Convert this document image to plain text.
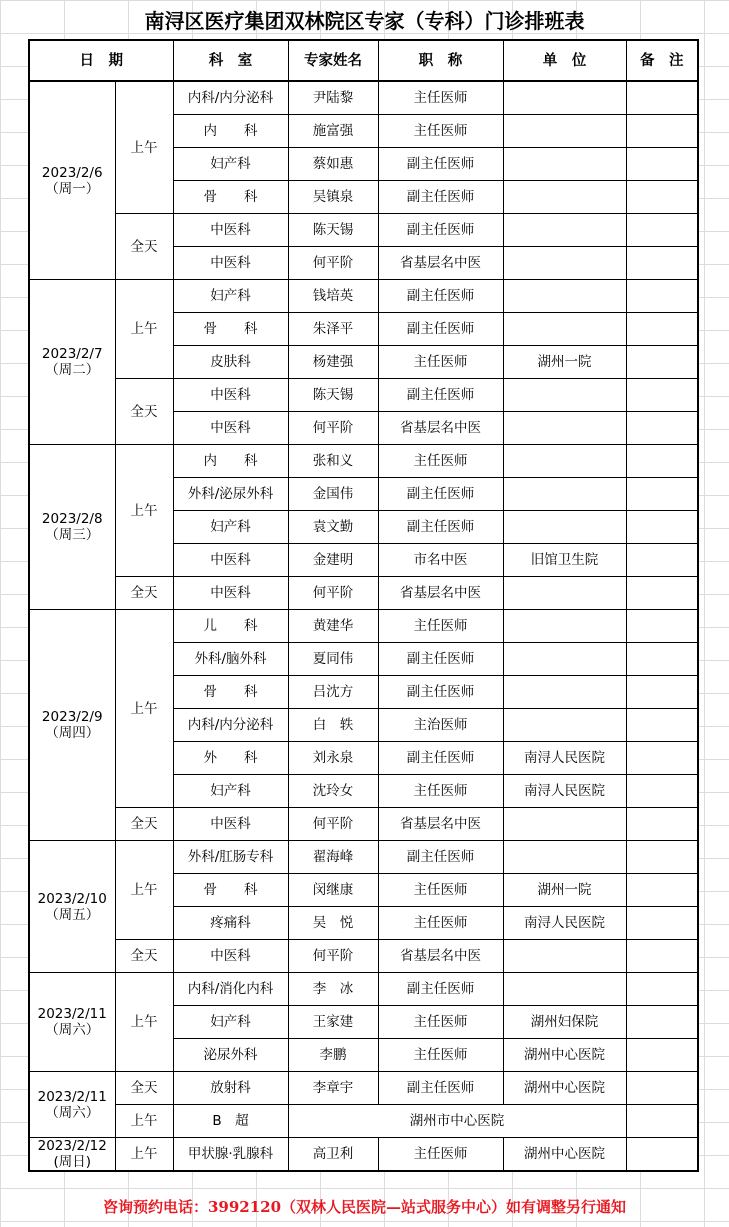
南浔区医疗集团双林院区专家（专科）门诊排班表
日　期		科　室	专家姓名	职　称	单　位	备　注

2023/2/6
（周一）	上午	内科/内分泌科	尹陆黎	主任医师		
		内　　科	施富强	主任医师		
		妇产科	蔡如惠	副主任医师		
		骨　　科	吴镇泉	副主任医师		
	全天	中医科	陈天锡	副主任医师		
		中医科	何平阶	省基层名中医		

2023/2/7
（周二）	上午	妇产科	钱培英	副主任医师		
		骨　　科	朱泽平	副主任医师		
		皮肤科	杨建强	主任医师	湖州一院	
	全天	中医科	陈天锡	副主任医师		
		中医科	何平阶	省基层名中医		

2023/2/8
（周三）	上午	内　　科	张和义	主任医师		
		外科/泌尿外科	金国伟	副主任医师		
		妇产科	袁文勤	副主任医师		
		中医科	金建明	市名中医	旧馆卫生院	
	全天	中医科	何平阶	省基层名中医		

2023/2/9
（周四）	上午	儿　　科	黄建华	主任医师		
		外科/脑外科	夏同伟	副主任医师		
		骨　　科	吕沈方	副主任医师		
		内科/内分泌科	白　轶	主治医师		
		外　　科	刘永泉	副主任医师	南浔人民医院	
		妇产科	沈玲女	主任医师	南浔人民医院	
	全天	中医科	何平阶	省基层名中医		

2023/2/10
（周五）	上午	外科/肛肠专科	翟海峰	副主任医师		
		骨　　科	闵继康	主任医师	湖州一院	
		疼痛科	吴　悦	主任医师	南浔人民医院	
	全天	中医科	何平阶	省基层名中医		

2023/2/11
（周六）	上午	内科/消化内科	李　冰	副主任医师		
		妇产科	王家建	主任医师	湖州妇保院	
		泌尿外科	李鹏	主任医师	湖州中心医院	

2023/2/11
（周六）	全天	放射科	李章宇	副主任医师	湖州中心医院	
	上午	B　超	湖州市中心医院			

2023/2/12
(周日)	上午	甲状腺·乳腺科	高卫利	主任医师	湖州中心医院	
咨询预约电话：3992120（双林人民医院—站式服务中心）如有调整另行通知
